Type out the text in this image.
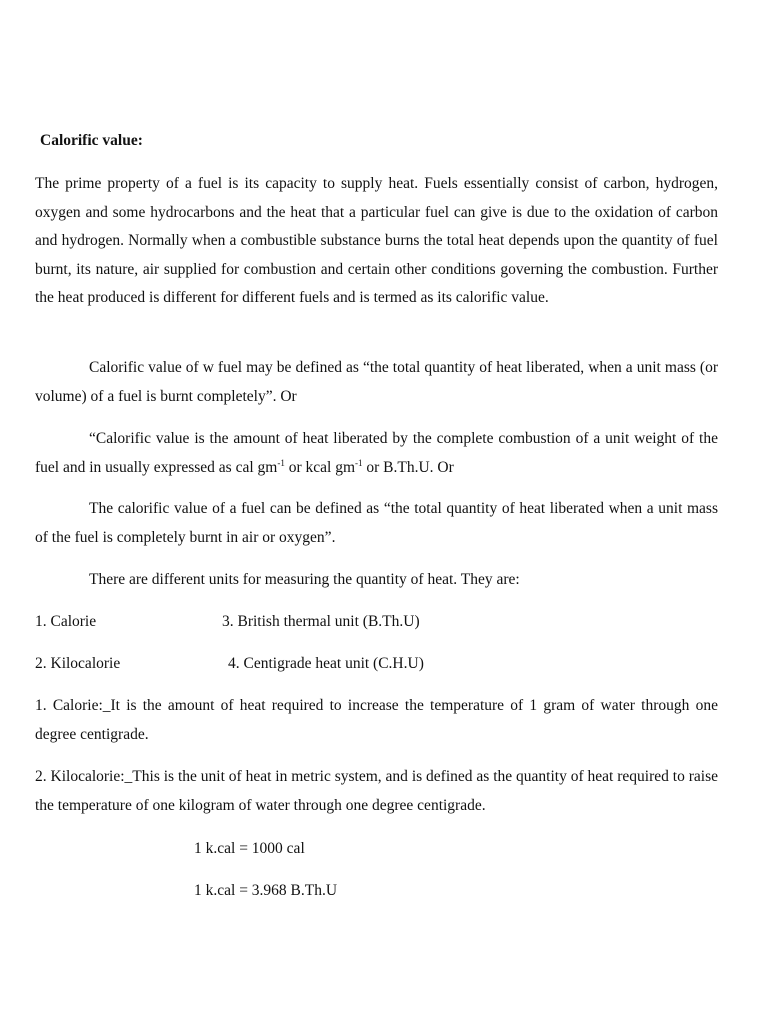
Calorific value:
The prime property of a fuel is its capacity to supply heat. Fuels essentially consist of carbon, hydrogen, oxygen and some hydrocarbons and the heat that a particular fuel can give is due to the oxidation of carbon and hydrogen. Normally when a combustible substance burns the total heat depends upon the quantity of fuel burnt, its nature, air supplied for combustion and certain other conditions governing the combustion. Further the heat produced is different for different fuels and is termed as its calorific value.
Calorific value of w fuel may be defined as “the total quantity of heat liberated, when a unit mass (or volume) of a fuel is burnt completely”. Or
“Calorific value is the amount of heat liberated by the complete combustion of a unit weight of the fuel and in usually expressed as cal $gm^{-1}$ or kcal $gm^{-1}$ or B.Th.U. Or
The calorific value of a fuel can be defined as “the total quantity of heat liberated when a unit mass of the fuel is completely burnt in air or oxygen”.
There are different units for measuring the quantity of heat. They are:
1. Calorie	3. British thermal unit (B.Th.U)
2. Kilocalorie	4. Centigrade heat unit (C.H.U)
1. Calorie:_It is the amount of heat required to increase the temperature of 1 gram of water through one degree centigrade.
2. Kilocalorie:_This is the unit of heat in metric system, and is defined as the quantity of heat required to raise the temperature of one kilogram of water through one degree centigrade.
1 k.cal = 1000 cal
1 k.cal = 3.968 B.Th.U
